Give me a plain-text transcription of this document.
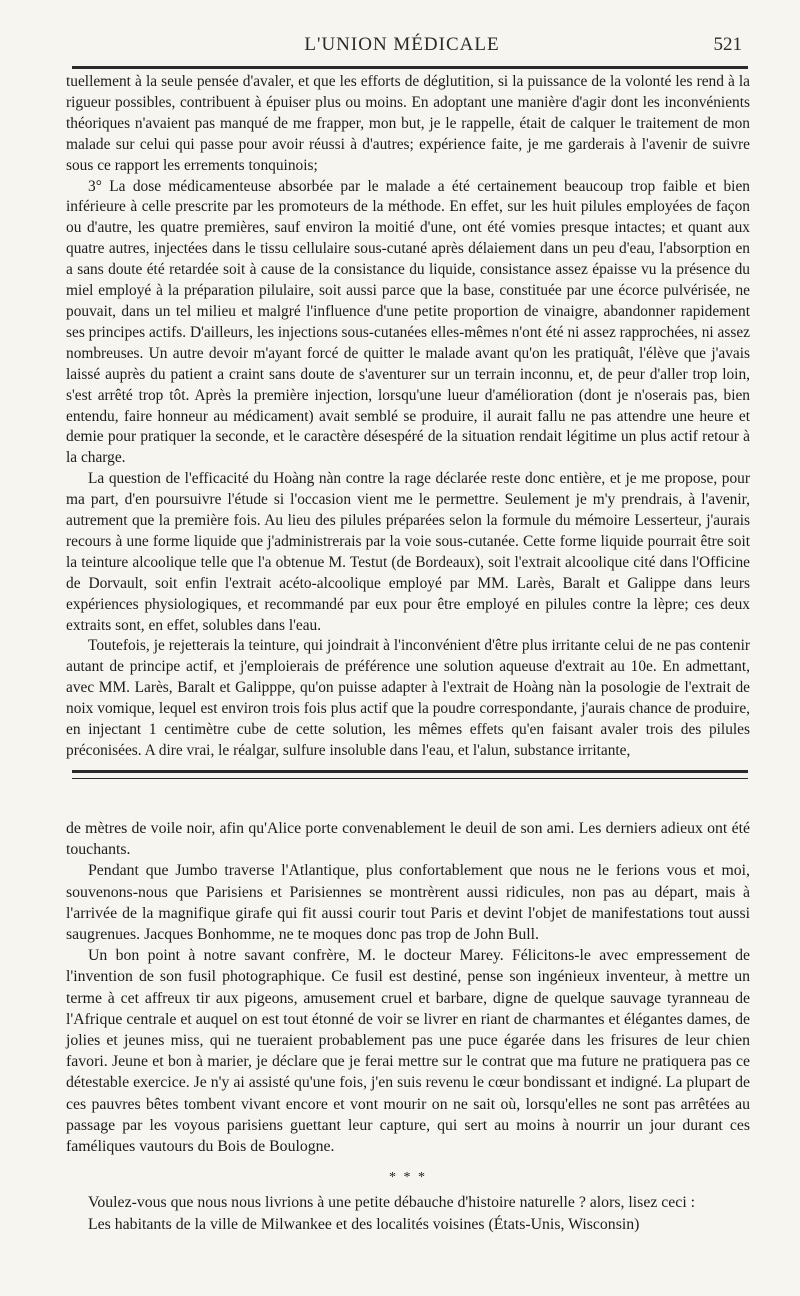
L'UNION MÉDICALE	521

tuellement à la seule pensée d'avaler, et que les efforts de déglutition, si la puissance de la volonté les rend à la rigueur possibles, contribuent à épuiser plus ou moins. En adoptant une manière d'agir dont les inconvénients théoriques n'avaient pas manqué de me frapper, mon but, je le rappelle, était de calquer le traitement de mon malade sur celui qui passe pour avoir réussi à d'autres; expérience faite, je me garderais à l'avenir de suivre sous ce rapport les errements tonquinois;

3° La dose médicamenteuse absorbée par le malade a été certainement beaucoup trop faible et bien inférieure à celle prescrite par les promoteurs de la méthode. En effet, sur les huit pilules employées de façon ou d'autre, les quatre premières, sauf environ la moitié d'une, ont été vomies presque intactes; et quant aux quatre autres, injectées dans le tissu cellulaire sous-cutané après délaiement dans un peu d'eau, l'absorption en a sans doute été retardée soit à cause de la consistance du liquide, consistance assez épaisse vu la présence du miel employé à la préparation pilulaire, soit aussi parce que la base, constituée par une écorce pulvérisée, ne pouvait, dans un tel milieu et malgré l'influence d'une petite proportion de vinaigre, abandonner rapidement ses principes actifs. D'ailleurs, les injections sous-cutanées elles-mêmes n'ont été ni assez rapprochées, ni assez nombreuses. Un autre devoir m'ayant forcé de quitter le malade avant qu'on les pratiquât, l'élève que j'avais laissé auprès du patient a craint sans doute de s'aventurer sur un terrain inconnu, et, de peur d'aller trop loin, s'est arrêté trop tôt. Après la première injection, lorsqu'une lueur d'amélioration (dont je n'oserais pas, bien entendu, faire honneur au médicament) avait semblé se produire, il aurait fallu ne pas attendre une heure et demie pour pratiquer la seconde, et le caractère désespéré de la situation rendait légitime un plus actif retour à la charge.

La question de l'efficacité du Hoàng nàn contre la rage déclarée reste donc entière, et je me propose, pour ma part, d'en poursuivre l'étude si l'occasion vient me le permettre. Seulement je m'y prendrais, à l'avenir, autrement que la première fois. Au lieu des pilules préparées selon la formule du mémoire Lesserteur, j'aurais recours à une forme liquide que j'administrerais par la voie sous-cutanée. Cette forme liquide pourrait être soit la teinture alcoolique telle que l'a obtenue M. Testut (de Bordeaux), soit l'extrait alcoolique cité dans l'Officine de Dorvault, soit enfin l'extrait acéto-alcoolique employé par MM. Larès, Baralt et Galippe dans leurs expériences physiologiques, et recommandé par eux pour être employé en pilules contre la lèpre; ces deux extraits sont, en effet, solubles dans l'eau.

Toutefois, je rejetterais la teinture, qui joindrait à l'inconvénient d'être plus irritante celui de ne pas contenir autant de principe actif, et j'emploierais de préférence une solution aqueuse d'extrait au 10e. En admettant, avec MM. Larès, Baralt et Galipppe, qu'on puisse adapter à l'extrait de Hoàng nàn la posologie de l'extrait de noix vomique, lequel est environ trois fois plus actif que la poudre correspondante, j'aurais chance de produire, en injectant 1 centimètre cube de cette solution, les mêmes effets qu'en faisant avaler trois des pilules préconisées. A dire vrai, le réalgar, sulfure insoluble dans l'eau, et l'alun, substance irritante,

de mètres de voile noir, afin qu'Alice porte convenablement le deuil de son ami. Les derniers adieux ont été touchants.

Pendant que Jumbo traverse l'Atlantique, plus confortablement que nous ne le ferions vous et moi, souvenons-nous que Parisiens et Parisiennes se montrèrent aussi ridicules, non pas au départ, mais à l'arrivée de la magnifique girafe qui fit aussi courir tout Paris et devint l'objet de manifestations tout aussi saugrenues. Jacques Bonhomme, ne te moques donc pas trop de John Bull.

Un bon point à notre savant confrère, M. le docteur Marey. Félicitons-le avec empressement de l'invention de son fusil photographique. Ce fusil est destiné, pense son ingénieux inventeur, à mettre un terme à cet affreux tir aux pigeons, amusement cruel et barbare, digne de quelque sauvage tyranneau de l'Afrique centrale et auquel on est tout étonné de voir se livrer en riant de charmantes et élégantes dames, de jolies et jeunes miss, qui ne tueraient probablement pas une puce égarée dans les frisures de leur chien favori. Jeune et bon à marier, je déclare que je ferai mettre sur le contrat que ma future ne pratiquera pas ce détestable exercice. Je n'y ai assisté qu'une fois, j'en suis revenu le cœur bondissant et indigné. La plupart de ces pauvres bêtes tombent vivant encore et vont mourir on ne sait où, lorsqu'elles ne sont pas arrêtées au passage par les voyous parisiens guettant leur capture, qui sert au moins à nourrir un jour durant ces faméliques vautours du Bois de Boulogne.

* * *

Voulez-vous que nous nous livrions à une petite débauche d'histoire naturelle ? alors, lisez ceci :

Les habitants de la ville de Milwankee et des localités voisines (États-Unis, Wisconsin)
